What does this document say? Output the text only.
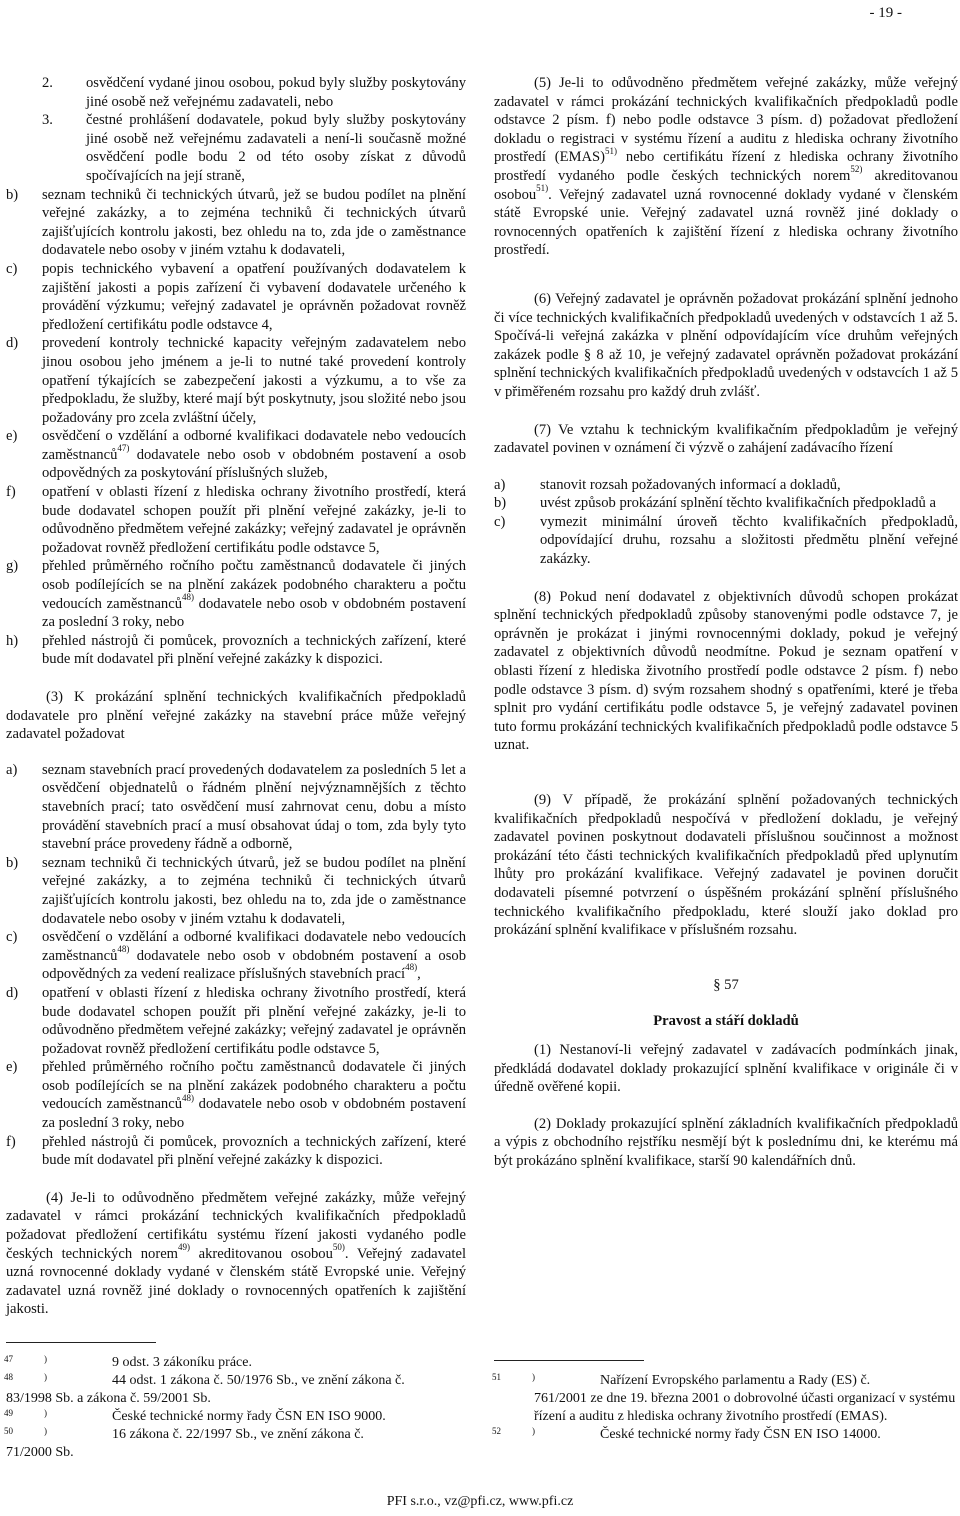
- 19 -
2.	osvědčení vydané jinou osobou, pokud byly služby poskytovány jiné osobě než veřejnému zadavateli, nebo
3.	čestné prohlášení dodavatele, pokud byly služby poskytovány jiné osobě než veřejnému zadavateli a není-li současně možné osvědčení podle bodu 2 od této osoby získat z důvodů spočívajících na její straně,
b)	seznam techniků či technických útvarů, jež se budou podílet na plnění veřejné zakázky, a to zejména techniků či technických útvarů zajišťujících kontrolu jakosti, bez ohledu na to, zda jde o zaměstnance dodavatele nebo osoby v jiném vztahu k dodavateli,
c)	popis technického vybavení a opatření používaných dodavatelem k zajištění jakosti a popis zařízení či vybavení dodavatele určeného k provádění výzkumu; veřejný zadavatel je oprávněn požadovat rovněž předložení certifikátu podle odstavce 4,
d)	provedení kontroly technické kapacity veřejným zadavatelem nebo jinou osobou jeho jménem a je-li to nutné také provedení kontroly opatření týkajících se zabezpečení jakosti a výzkumu, a to vše za předpokladu, že služby, které mají být poskytnuty, jsou složité nebo jsou požadovány pro zcela zvláštní účely,
e)	osvědčení o vzdělání a odborné kvalifikaci dodavatele nebo vedoucích zaměstnanců$^{47)}$ dodavatele nebo osob v obdobném postavení a osob odpovědných za poskytování příslušných služeb,
f)	opatření v oblasti řízení z hlediska ochrany životního prostředí, která bude dodavatel schopen použít při plnění veřejné zakázky, je-li to odůvodněno předmětem veřejné zakázky; veřejný zadavatel je oprávněn požadovat rovněž předložení certifikátu podle odstavce 5,
g)	přehled průměrného ročního počtu zaměstnanců dodavatele či jiných osob podílejících se na plnění zakázek podobného charakteru a počtu vedoucích zaměstnanců$^{48)}$ dodavatele nebo osob v obdobném postavení za poslední 3 roky, nebo
h)	přehled nástrojů či pomůcek, provozních a technických zařízení, které bude mít dodavatel při plnění veřejné zakázky k dispozici.

(3) K prokázání splnění technických kvalifikačních předpokladů dodavatele pro plnění veřejné zakázky na stavební práce může veřejný zadavatel požadovat

a)	seznam stavebních prací provedených dodavatelem za posledních 5 let a osvědčení objednatelů o řádném plnění nejvýznamnějších z těchto stavebních prací; tato osvědčení musí zahrnovat cenu, dobu a místo provádění stavebních prací a musí obsahovat údaj o tom, zda byly tyto stavební práce provedeny řádně a odborně,
b)	seznam techniků či technických útvarů, jež se budou podílet na plnění veřejné zakázky, a to zejména techniků či technických útvarů zajišťujících kontrolu jakosti, bez ohledu na to, zda jde o zaměstnance dodavatele nebo osoby v jiném vztahu k dodavateli,
c)	osvědčení o vzdělání a odborné kvalifikaci dodavatele nebo vedoucích zaměstnanců$^{48)}$ dodavatele nebo osob v obdobném postavení a osob odpovědných za vedení realizace příslušných stavebních prací$^{48)}$,
d)	opatření v oblasti řízení z hlediska ochrany životního prostředí, která bude dodavatel schopen použít při plnění veřejné zakázky, je-li to odůvodněno předmětem veřejné zakázky; veřejný zadavatel je oprávněn požadovat rovněž předložení certifikátu podle odstavce 5,
e)	přehled průměrného ročního počtu zaměstnanců dodavatele či jiných osob podílejících se na plnění zakázek podobného charakteru a počtu vedoucích zaměstnanců$^{48)}$ dodavatele nebo osob v obdobném postavení za poslední 3 roky, nebo
f)	přehled nástrojů či pomůcek, provozních a technických zařízení, které bude mít dodavatel při plnění veřejné zakázky k dispozici.

(4) Je-li to odůvodněno předmětem veřejné zakázky, může veřejný zadavatel v rámci prokázání technických kvalifikačních předpokladů požadovat předložení certifikátu systému řízení jakosti vydaného podle českých technických norem$^{49)}$ akreditovanou osobou$^{50)}$. Veřejný zadavatel uzná rovnocenné doklady vydané v členském státě Evropské unie. Veřejný zadavatel uzná rovněž jiné doklady o rovnocenných opatřeních k zajištění jakosti.

47	)	9 odst. 3 zákoníku práce.
48	)	44 odst. 1 zákona č. 50/1976 Sb., ve znění zákona č.
83/1998 Sb. a zákona č. 59/2001 Sb.
49	)	České technické normy řady ČSN EN ISO 9000.
50	)	16 zákona č. 22/1997 Sb., ve znění zákona č.
71/2000 Sb.

(5) Je-li to odůvodněno předmětem veřejné zakázky, může veřejný zadavatel v rámci prokázání technických kvalifikačních předpokladů podle odstavce 2 písm. f) nebo podle odstavce 3 písm. d) požadovat předložení dokladu o registraci v systému řízení a auditu z hlediska ochrany životního prostředí (EMAS)$^{51)}$ nebo certifikátu řízení z hlediska ochrany životního prostředí vydaného podle českých technických norem$^{52)}$ akreditovanou osobou$^{51)}$. Veřejný zadavatel uzná rovnocenné doklady vydané v členském státě Evropské unie. Veřejný zadavatel uzná rovněž jiné doklady o rovnocenných opatřeních k zajištění řízení z hlediska ochrany životního prostředí.

(6) Veřejný zadavatel je oprávněn požadovat prokázání splnění jednoho či více technických kvalifikačních předpokladů uvedených v odstavcích 1 až 5. Spočívá-li veřejná zakázka v plnění odpovídajícím více druhům veřejných zakázek podle § 8 až 10, je veřejný zadavatel oprávněn požadovat prokázání splnění technických kvalifikačních předpokladů uvedených v odstavcích 1 až 5 v přiměřeném rozsahu pro každý druh zvlášť.

(7) Ve vztahu k technickým kvalifikačním předpokladům je veřejný zadavatel povinen v oznámení či výzvě o zahájení zadávacího řízení

a)	stanovit rozsah požadovaných informací a dokladů,
b)	uvést způsob prokázání splnění těchto kvalifikačních předpokladů a
c)	vymezit minimální úroveň těchto kvalifikačních předpokladů, odpovídající druhu, rozsahu a složitosti předmětu plnění veřejné zakázky.

(8) Pokud není dodavatel z objektivních důvodů schopen prokázat splnění technických předpokladů způsoby stanovenými podle odstavce 7, je oprávněn je prokázat i jinými rovnocennými doklady, pokud je veřejný zadavatel z objektivních důvodů neodmítne. Pokud je seznam opatření v oblasti řízení z hlediska životního prostředí podle odstavce 2 písm. f) nebo podle odstavce 3 písm. d) svým rozsahem shodný s opatřeními, které je třeba splnit pro vydání certifikátu podle odstavce 5, je veřejný zadavatel povinen tuto formu prokázání technických kvalifikačních předpokladů podle odstavce 5 uznat.

(9) V případě, že prokázání splnění požadovaných technických kvalifikačních předpokladů nespočívá v předložení dokladu, je veřejný zadavatel povinen poskytnout dodavateli příslušnou součinnost a možnost prokázání této části technických kvalifikačních předpokladů před uplynutím lhůty pro prokázání kvalifikace. Veřejný zadavatel je povinen doručit dodavateli písemné potvrzení o úspěšném prokázání splnění příslušného technického kvalifikačního předpokladu, které slouží jako doklad pro prokázání splnění kvalifikace v příslušném rozsahu.

§ 57

Pravost a stáří dokladů

(1) Nestanoví-li veřejný zadavatel v zadávacích podmínkách jinak, předkládá dodavatel doklady prokazující splnění kvalifikace v originále či v úředně ověřené kopii.

(2) Doklady prokazující splnění základních kvalifikačních předpokladů a výpis z obchodního rejstříku nesmějí být k poslednímu dni, ke kterému má být prokázáno splnění kvalifikace, starší 90 kalendářních dnů.

51	)	Nařízení Evropského parlamentu a Rady (ES) č.
761/2001 ze dne 19. března 2001 o dobrovolné účasti organizací v systému řízení a auditu z hlediska ochrany životního prostředí (EMAS).
52	)	České technické normy řady ČSN EN ISO 14000.
PFI s.r.o., vz@pfi.cz, www.pfi.cz
